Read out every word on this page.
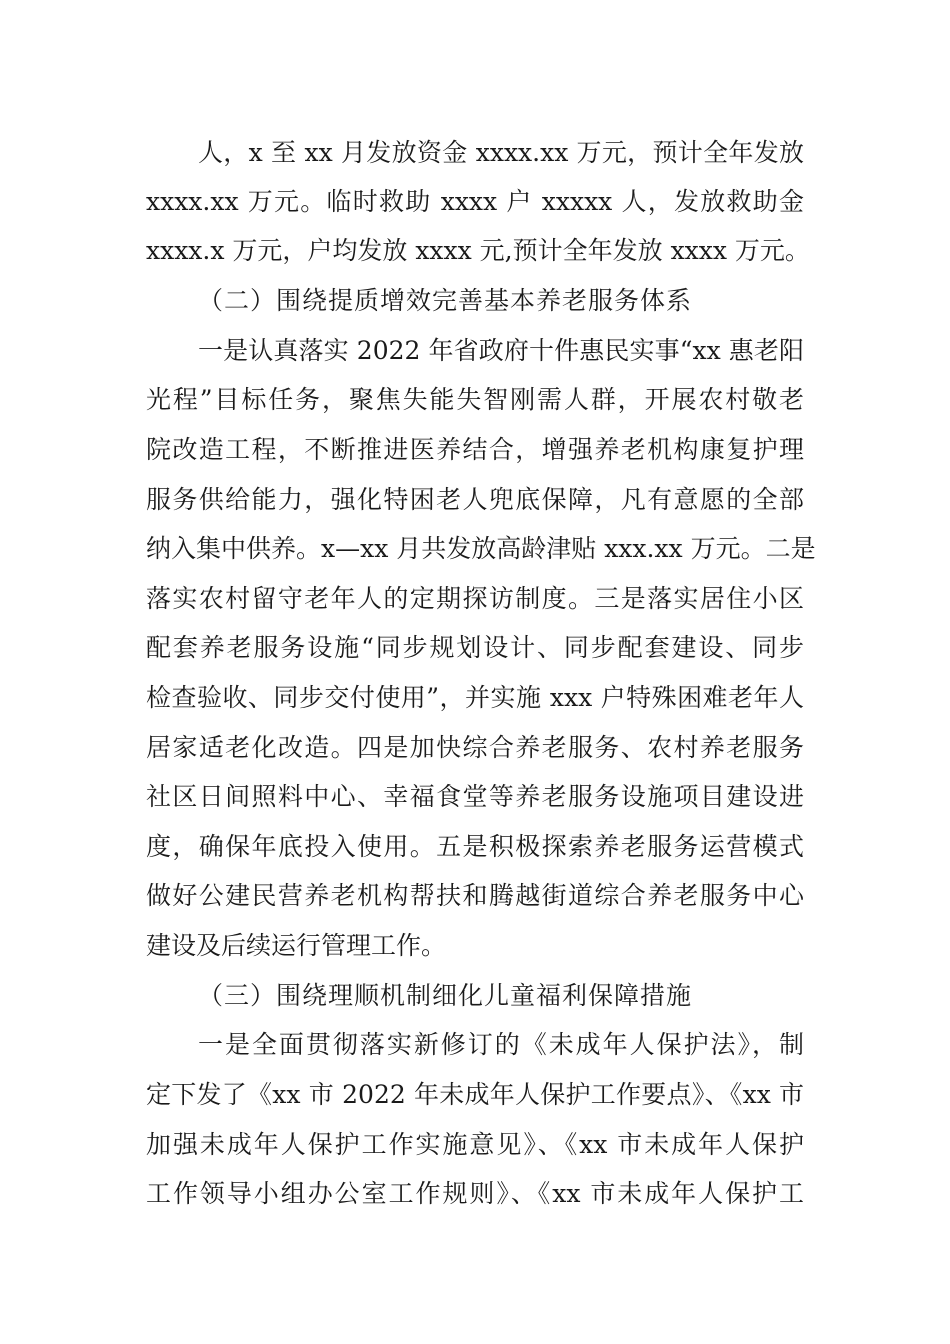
人，x 至 xx 月发放资金 xxxx.xx 万元，预计全年发放
xxxx.xx 万元。临时救助 xxxx 户 xxxxx 人，发放救助金
xxxx.x 万元，户均发放 xxxx 元,预计全年发放 xxxx 万元。
（二）围绕提质增效完善基本养老服务体系
一是认真落实 2022 年省政府十件惠民实事“xx 惠老阳
光程”目标任务，聚焦失能失智刚需人群，开展农村敬老
院改造工程，不断推进医养结合，增强养老机构康复护理
服务供给能力，强化特困老人兜底保障，凡有意愿的全部
纳入集中供养。x—xx 月共发放高龄津贴 xxx.xx 万元。二是
落实农村留守老年人的定期探访制度。三是落实居住小区
配套养老服务设施“同步规划设计、同步配套建设、同步
检查验收、同步交付使用”，并实施 xxx 户特殊困难老年人
居家适老化改造。四是加快综合养老服务、农村养老服务
社区日间照料中心、幸福食堂等养老服务设施项目建设进
度，确保年底投入使用。五是积极探索养老服务运营模式
做好公建民营养老机构帮扶和腾越街道综合养老服务中心
建设及后续运行管理工作。
（三）围绕理顺机制细化儿童福利保障措施
一是全面贯彻落实新修订的《未成年人保护法》，制
定下发了《xx 市 2022 年未成年人保护工作要点》、《xx 市
加强未成年人保护工作实施意见》、《xx 市未成年人保护
工作领导小组办公室工作规则》、《xx 市未成年人保护工
